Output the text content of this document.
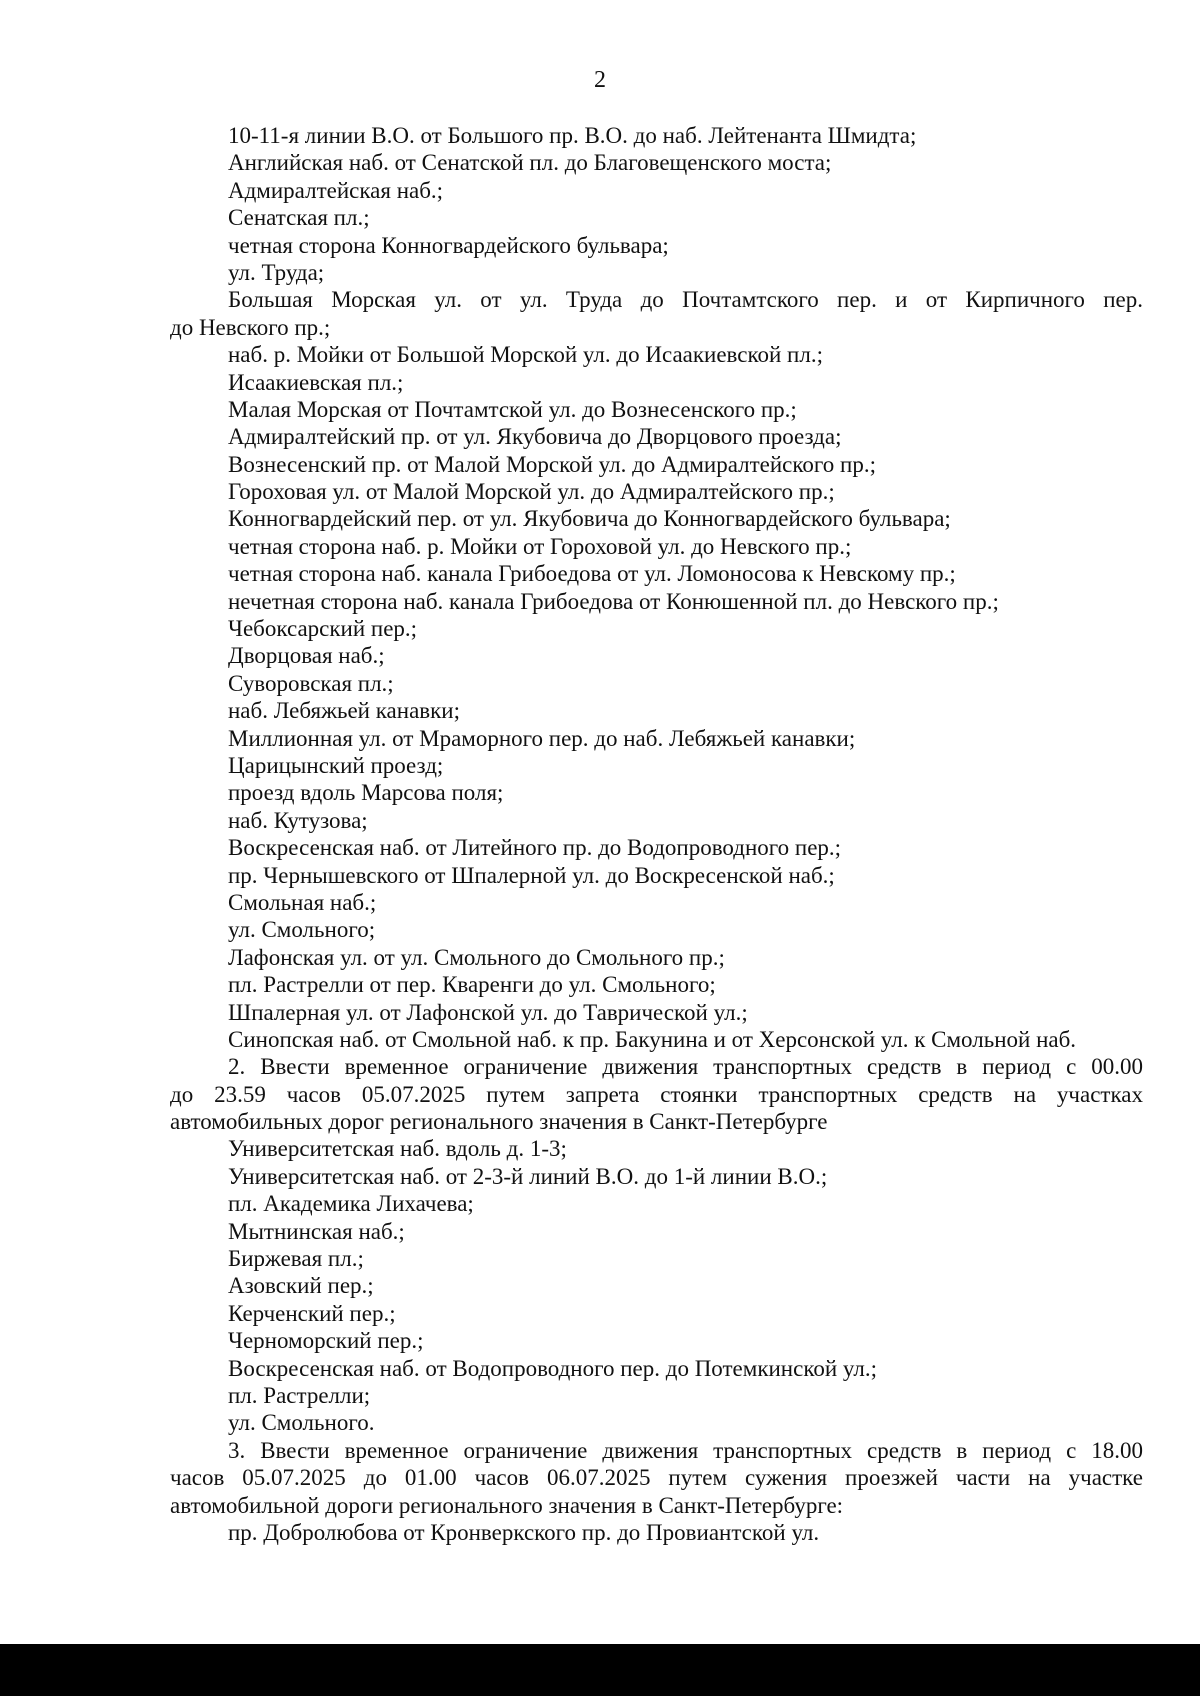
2
10-11-я линии В.О. от Большого пр. В.О. до наб. Лейтенанта Шмидта;
Английская наб. от Сенатской пл. до Благовещенского моста;
Адмиралтейская наб.;
Сенатская пл.;
четная сторона Конногвардейского бульвара;
ул. Труда;
Большая Морская ул. от ул. Труда до Почтамтского пер. и от Кирпичного пер.
до Невского пр.;
наб. р. Мойки от Большой Морской ул. до Исаакиевской пл.;
Исаакиевская пл.;
Малая Морская от Почтамтской ул. до Вознесенского пр.;
Адмиралтейский пр. от ул. Якубовича до Дворцового проезда;
Вознесенский пр. от Малой Морской ул. до Адмиралтейского пр.;
Гороховая ул. от Малой Морской ул. до Адмиралтейского пр.;
Конногвардейский пер. от ул. Якубовича до Конногвардейского бульвара;
четная сторона наб. р. Мойки от Гороховой ул. до Невского пр.;
четная сторона наб. канала Грибоедова от ул. Ломоносова к Невскому пр.;
нечетная сторона наб. канала Грибоедова от Конюшенной пл. до Невского пр.;
Чебоксарский пер.;
Дворцовая наб.;
Суворовская пл.;
наб. Лебяжьей канавки;
Миллионная ул. от Мраморного пер. до наб. Лебяжьей канавки;
Царицынский проезд;
проезд вдоль Марсова поля;
наб. Кутузова;
Воскресенская наб. от Литейного пр. до Водопроводного пер.;
пр. Чернышевского от Шпалерной ул. до Воскресенской наб.;
Смольная наб.;
ул. Смольного;
Лафонская ул. от ул. Смольного до Смольного пр.;
пл. Растрелли от пер. Кваренги до ул. Смольного;
Шпалерная ул. от Лафонской ул. до Таврической ул.;
Синопская наб. от Смольной наб. к пр. Бакунина и от Херсонской ул. к Смольной наб.
2. Ввести временное ограничение движения транспортных средств в период с 00.00
до 23.59 часов 05.07.2025 путем запрета стоянки транспортных средств на участках
автомобильных дорог регионального значения в Санкт-Петербурге
Университетская наб. вдоль д. 1-3;
Университетская наб. от 2-3-й линий В.О. до 1-й линии В.О.;
пл. Академика Лихачева;
Мытнинская наб.;
Биржевая пл.;
Азовский пер.;
Керченский пер.;
Черноморский пер.;
Воскресенская наб. от Водопроводного пер. до Потемкинской ул.;
пл. Растрелли;
ул. Смольного.
3. Ввести временное ограничение движения транспортных средств в период с 18.00
часов 05.07.2025 до 01.00 часов 06.07.2025 путем сужения проезжей части на участке
автомобильной дороги регионального значения в Санкт-Петербурге:
пр. Добролюбова от Кронверкского пр. до Провиантской ул.
